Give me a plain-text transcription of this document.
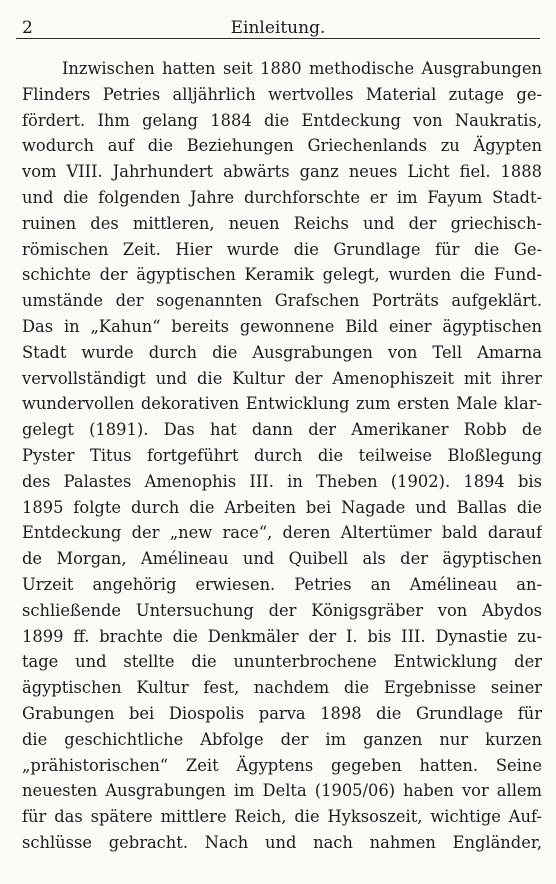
2	Einleitung.
Inzwischen hatten seit 1880 methodische Ausgrabungen
Flinders Petries alljährlich wertvolles Material zutage ge-
fördert. Ihm gelang 1884 die Entdeckung von Naukratis,
wodurch auf die Beziehungen Griechenlands zu Ägypten
vom VIII. Jahrhundert abwärts ganz neues Licht fiel. 1888
und die folgenden Jahre durchforschte er im Fayum Stadt-
ruinen des mittleren, neuen Reichs und der griechisch-
römischen Zeit. Hier wurde die Grundlage für die Ge-
schichte der ägyptischen Keramik gelegt, wurden die Fund-
umstände der sogenannten Grafschen Porträts aufgeklärt.
Das in „Kahun“ bereits gewonnene Bild einer ägyptischen
Stadt wurde durch die Ausgrabungen von Tell Amarna
vervollständigt und die Kultur der Amenophiszeit mit ihrer
wundervollen dekorativen Entwicklung zum ersten Male klar-
gelegt (1891). Das hat dann der Amerikaner Robb de
Pyster Titus fortgeführt durch die teilweise Bloßlegung
des Palastes Amenophis III. in Theben (1902). 1894 bis
1895 folgte durch die Arbeiten bei Nagade und Ballas die
Entdeckung der „new race“, deren Altertümer bald darauf
de Morgan, Amélineau und Quibell als der ägyptischen
Urzeit angehörig erwiesen. Petries an Amélineau an-
schließende Untersuchung der Königsgräber von Abydos
1899 ff. brachte die Denkmäler der I. bis III. Dynastie zu-
tage und stellte die ununterbrochene Entwicklung der
ägyptischen Kultur fest, nachdem die Ergebnisse seiner
Grabungen bei Diospolis parva 1898 die Grundlage für
die geschichtliche Abfolge der im ganzen nur kurzen
„prähistorischen“ Zeit Ägyptens gegeben hatten. Seine
neuesten Ausgrabungen im Delta (1905/06) haben vor allem
für das spätere mittlere Reich, die Hyksoszeit, wichtige Auf-
schlüsse gebracht. Nach und nach nahmen Engländer,
